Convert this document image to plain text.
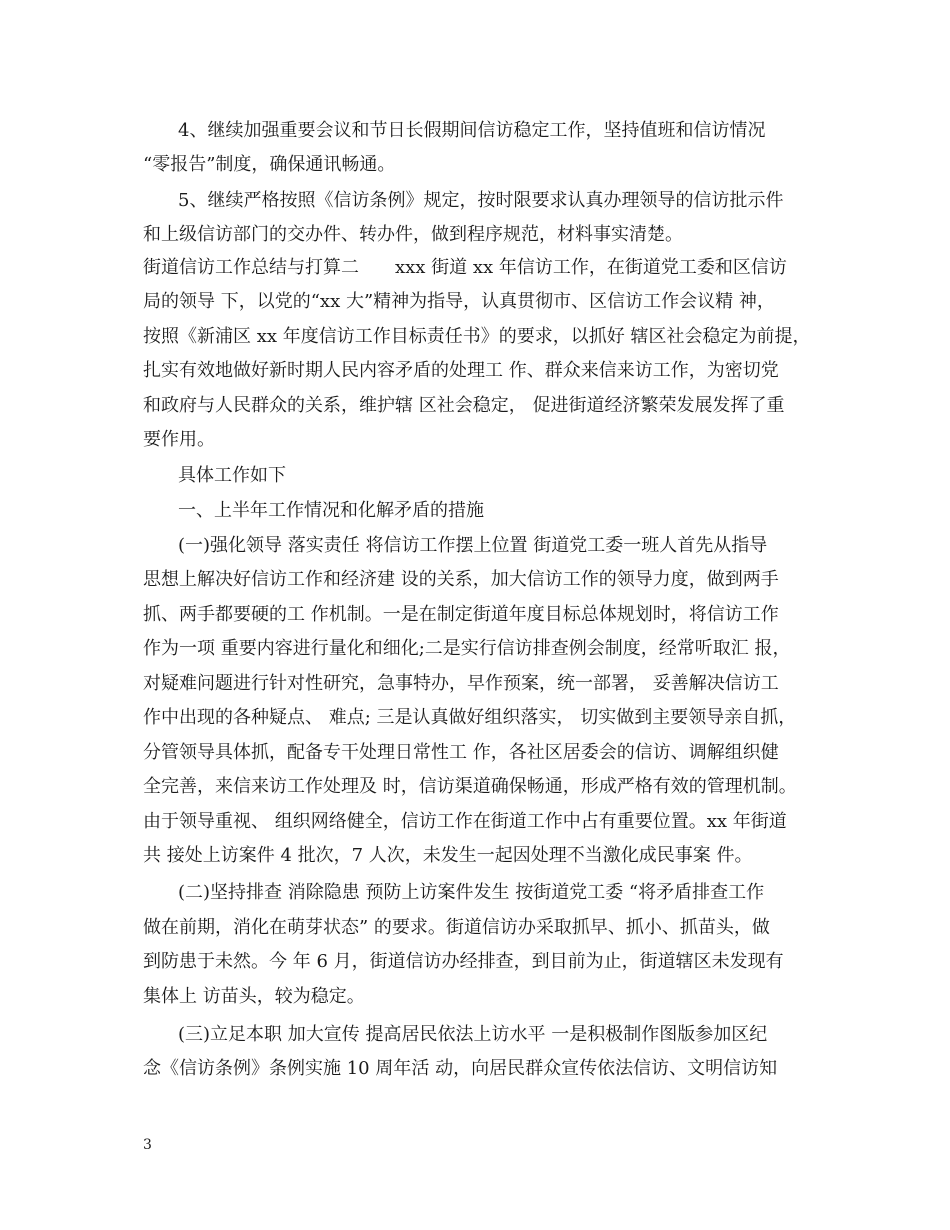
4、继续加强重要会议和节日长假期间信访稳定工作，坚持值班和信访情况
“零报告”制度，确保通讯畅通。
5、继续严格按照《信访条例》规定，按时限要求认真办理领导的信访批示件
和上级信访部门的交办件、转办件，做到程序规范，材料事实清楚。
街道信访工作总结与打算二　　xxx 街道 xx 年信访工作，在街道党工委和区信访
局的领导 下，以党的“xx 大”精神为指导，认真贯彻市、区信访工作会议精 神，
按照《新浦区 xx 年度信访工作目标责任书》的要求，以抓好 辖区社会稳定为前提，
扎实有效地做好新时期人民内容矛盾的处理工 作、群众来信来访工作，为密切党
和政府与人民群众的关系，维护辖 区社会稳定， 促进街道经济繁荣发展发挥了重
要作用。
具体工作如下
一、上半年工作情况和化解矛盾的措施
(一)强化领导 落实责任 将信访工作摆上位置 街道党工委一班人首先从指导
思想上解决好信访工作和经济建 设的关系，加大信访工作的领导力度，做到两手
抓、两手都要硬的工 作机制。一是在制定街道年度目标总体规划时，将信访工作
作为一项 重要内容进行量化和细化;二是实行信访排查例会制度，经常听取汇 报，
对疑难问题进行针对性研究，急事特办，早作预案，统一部署， 妥善解决信访工
作中出现的各种疑点、 难点; 三是认真做好组织落实， 切实做到主要领导亲自抓，
分管领导具体抓，配备专干处理日常性工 作，各社区居委会的信访、调解组织健
全完善，来信来访工作处理及 时，信访渠道确保畅通，形成严格有效的管理机制。
由于领导重视、 组织网络健全，信访工作在街道工作中占有重要位置。xx 年街道
共 接处上访案件 4 批次，7 人次，未发生一起因处理不当激化成民事案 件。
(二)坚持排查 消除隐患 预防上访案件发生 按街道党工委 “将矛盾排查工作
做在前期，消化在萌芽状态” 的要求。街道信访办采取抓早、抓小、抓苗头，做
到防患于未然。今 年 6 月，街道信访办经排查，到目前为止，街道辖区未发现有
集体上 访苗头，较为稳定。
(三)立足本职 加大宣传 提高居民依法上访水平 一是积极制作图版参加区纪
念《信访条例》条例实施 10 周年活 动，向居民群众宣传依法信访、文明信访知
3
